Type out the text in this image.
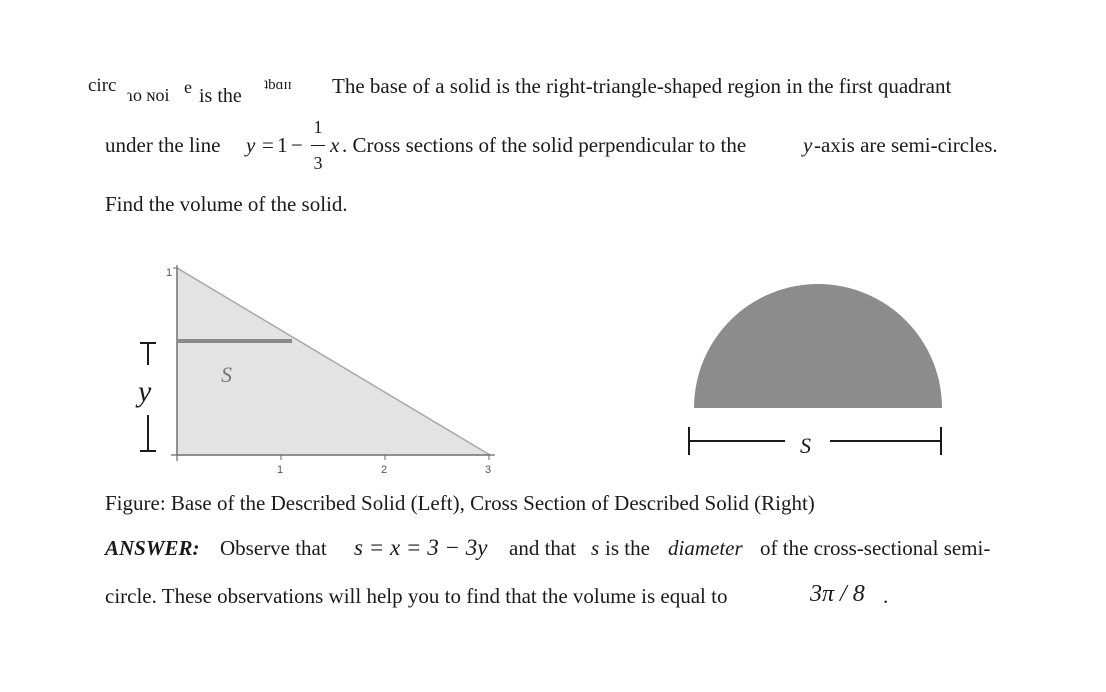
circ ɿo ɴoi e is the ʇbɑɪɪ The base of a solid is the right-triangle-shaped region in the first quadrant
under the line y = 1 −
1
3
x . Cross sections of the solid perpendicular to the	y -axis are semi-circles.
Find the volume of the solid.
1
1	2	3
S
y
S
Figure: Base of the Described Solid (Left), Cross Section of Described Solid (Right)
ANSWER: Observe that s = x = 3 − 3y and that s is the diameter of the cross-sectional semi-
circle. These observations will help you to find that the volume is equal to	3π / 8 .
